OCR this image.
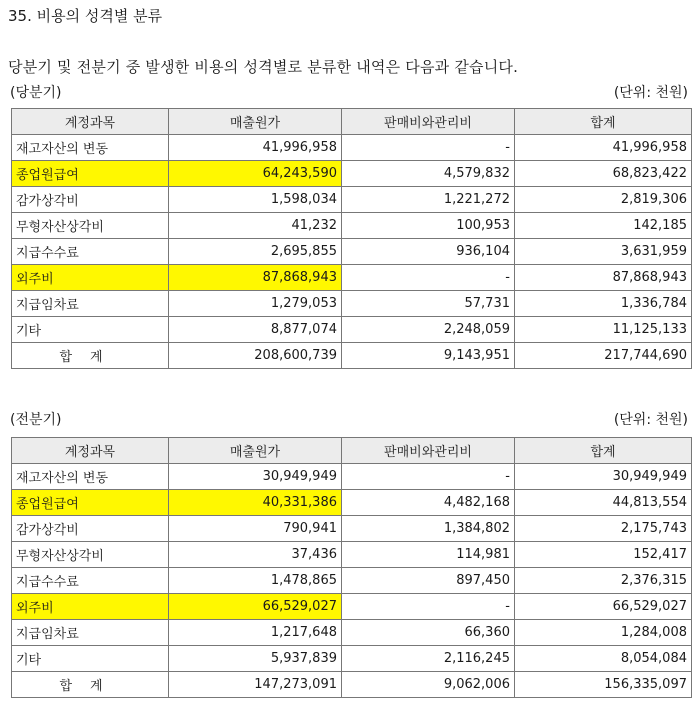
35. 비용의 성격별 분류
당분기 및 전분기 중 발생한 비용의 성격별로 분류한 내역은 다음과 같습니다.
(당분기)	(단위: 천원)
계정과목	매출원가	판매비와관리비	합계
재고자산의 변동	41,996,958	-	41,996,958
종업원급여	64,243,590	4,579,832	68,823,422
감가상각비	1,598,034	1,221,272	2,819,306
무형자산상각비	41,232	100,953	142,185
지급수수료	2,695,855	936,104	3,631,959
외주비	87,868,943	-	87,868,943
지급임차료	1,279,053	57,731	1,336,784
기타	8,877,074	2,248,059	11,125,133
합계	208,600,739	9,143,951	217,744,690
(전분기)	(단위: 천원)
계정과목	매출원가	판매비와관리비	합계
재고자산의 변동	30,949,949	-	30,949,949
종업원급여	40,331,386	4,482,168	44,813,554
감가상각비	790,941	1,384,802	2,175,743
무형자산상각비	37,436	114,981	152,417
지급수수료	1,478,865	897,450	2,376,315
외주비	66,529,027	-	66,529,027
지급임차료	1,217,648	66,360	1,284,008
기타	5,937,839	2,116,245	8,054,084
합계	147,273,091	9,062,006	156,335,097
